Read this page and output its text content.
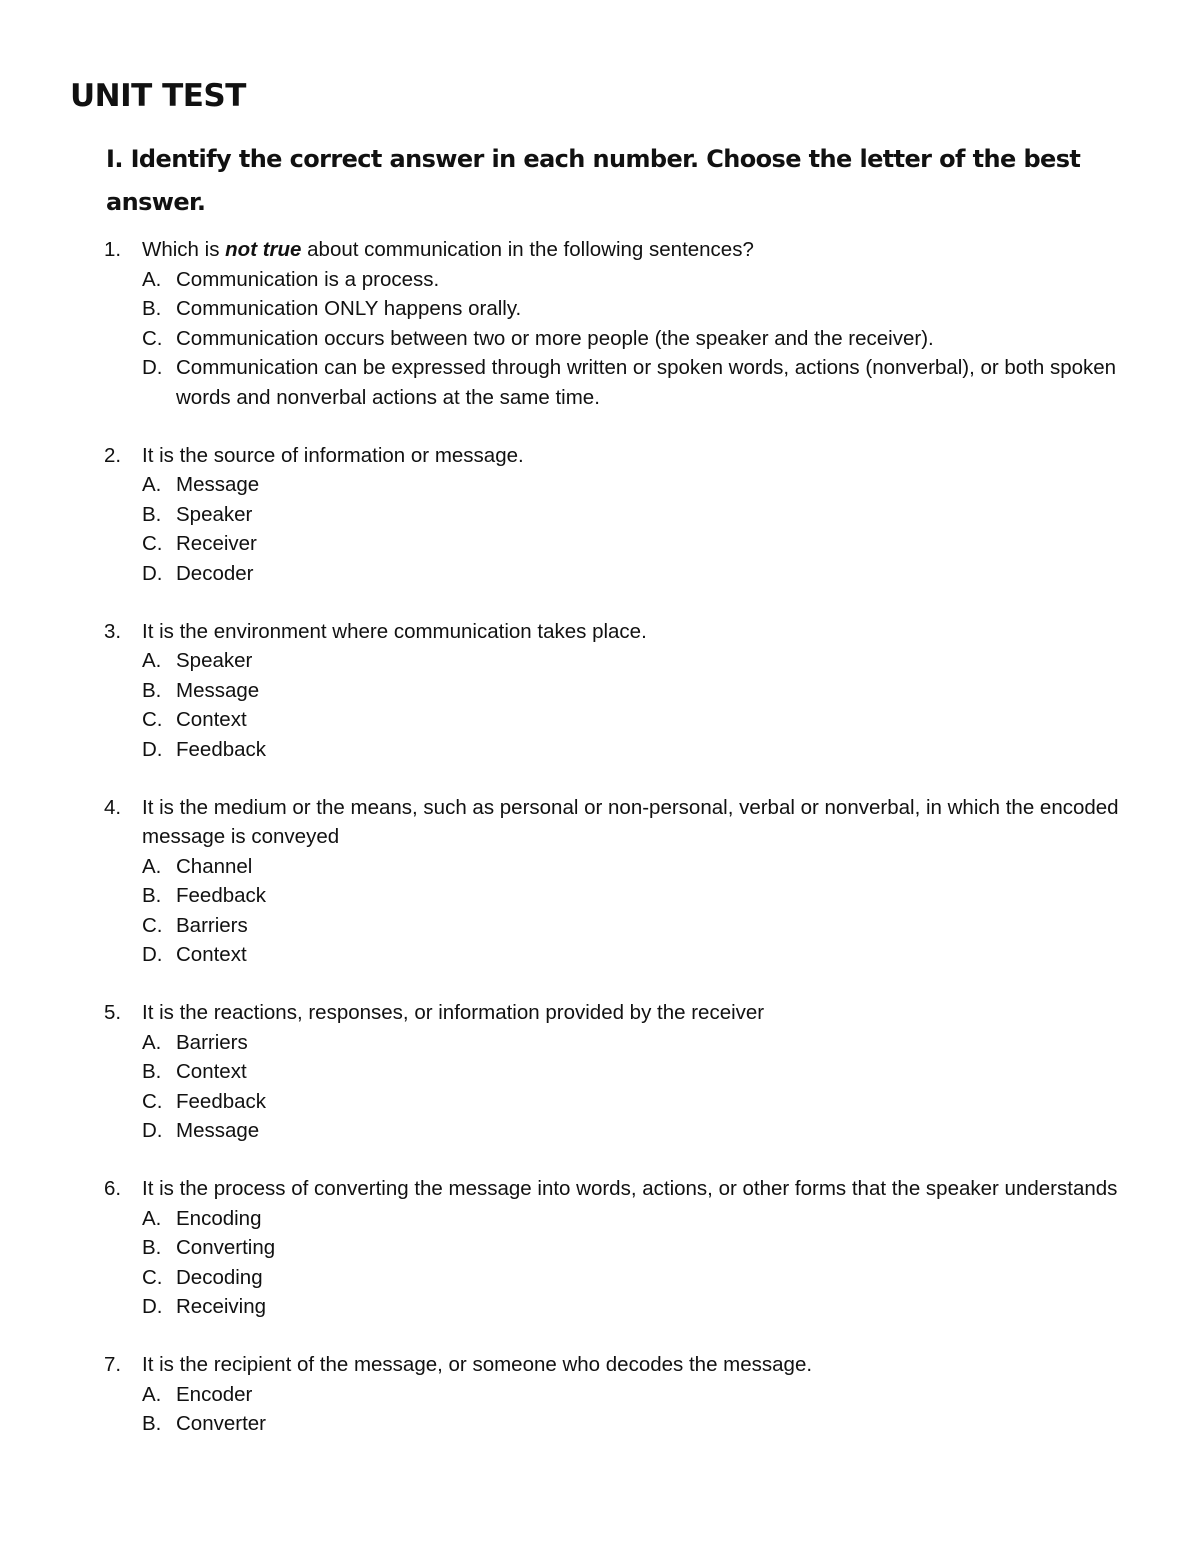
UNIT TEST

I. Identify the correct answer in each number. Choose the letter of the best answer.

1. Which is not true about communication in the following sentences?
A. Communication is a process.
B. Communication ONLY happens orally.
C. Communication occurs between two or more people (the speaker and the receiver).
D. Communication can be expressed through written or spoken words, actions (nonverbal), or both spoken words and nonverbal actions at the same time.
2. It is the source of information or message.
A. Message
B. Speaker
C. Receiver
D. Decoder
3. It is the environment where communication takes place.
A. Speaker
B. Message
C. Context
D. Feedback
4. It is the medium or the means, such as personal or non-personal, verbal or nonverbal, in which the encoded message is conveyed
A. Channel
B. Feedback
C. Barriers
D. Context
5. It is the reactions, responses, or information provided by the receiver
A. Barriers
B. Context
C. Feedback
D. Message
6. It is the process of converting the message into words, actions, or other forms that the speaker understands
A. Encoding
B. Converting
C. Decoding
D. Receiving
7. It is the recipient of the message, or someone who decodes the message.
A. Encoder
B. Converter
